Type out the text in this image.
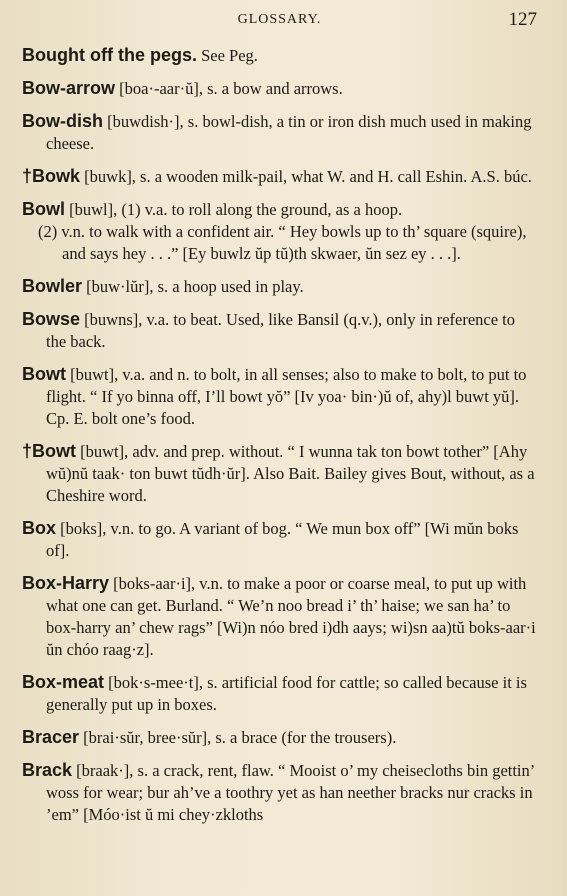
GLOSSARY.	127
Bought off the pegs. See Peg.
Bow-arrow [boa·-aar·ŭ], s. a bow and arrows.
Bow-dish [buwdish·], s. bowl-dish, a tin or iron dish much used in making cheese.
†Bowk [buwk], s. a wooden milk-pail, what W. and H. call Eshin. A.S. búc.
Bowl [buwl], (1) v.a. to roll along the ground, as a hoop.
(2) v.n. to walk with a confident air. “ Hey bowls up to th’ square (squire), and says hey . . .” [Ey buwlz ŭp tŭ)th skwaer, ŭn sez ey . . .].
Bowler [buw·lŭr], s. a hoop used in play.
Bowse [buwns], v.a. to beat. Used, like Bansil (q.v.), only in reference to the back.
Bowt [buwt], v.a. and n. to bolt, in all senses; also to make to bolt, to put to flight. “ If yo binna off, I’ll bowt yŏ” [Iv yoa· bin·)ŭ of, ahy)l buwt yŭ]. Cp. E. bolt one’s food.
†Bowt [buwt], adv. and prep. without. “ I wunna tak ton bowt tother” [Ahy wŭ)nŭ taak· ton buwt tŭdh·ŭr]. Also Bait. Bailey gives Bout, without, as a Cheshire word.
Box [boks], v.n. to go. A variant of bog. “ We mun box off” [Wi mŭn boks of].
Box-Harry [boks-aar·i], v.n. to make a poor or coarse meal, to put up with what one can get. Burland. “ We’n noo bread i’ th’ haise; we san ha’ to box-harry an’ chew rags” [Wi)n nóo bred i)dh aays; wi)sn aa)tŭ boks-aar·i ŭn chóo raag·z].
Box-meat [bok·s-mee·t], s. artificial food for cattle; so called because it is generally put up in boxes.
Bracer [brai·sŭr, bree·sŭr], s. a brace (for the trousers).
Brack [braak·], s. a crack, rent, flaw. “ Mooist o’ my cheisecloths bin gettin’ woss for wear; bur ah’ve a toothry yet as han neether bracks nur cracks in ’em” [Móo·ist ŭ mi chey·zkloths
